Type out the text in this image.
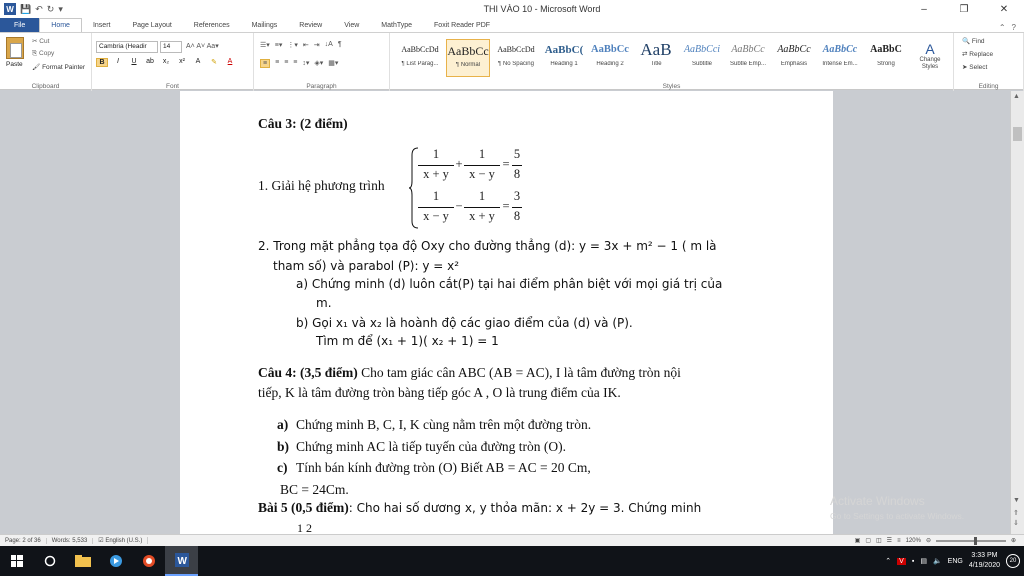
W 💾 ↶ ↻ ▾	THI VÀO 10 - Microsoft Word	–	❐	✕
File	Home	Insert	Page Layout	References	Mailings	Review	View	MathType	Foxit Reader PDF	⌃ ?
Paste
✂ Cut
⎘ Copy
🖌 Format Painter
Clipboard
Cambria (Headir	14	A˄ A˅ Aa▾
B	I	U	ab	x₂	x²	A	✎	A
Font
☰▾ ≡▾ ⋮▾ ⇤ ⇥ ↓A ¶
≡	≡ ≡ ≡ ↕▾ ◈▾ ▦▾
Paragraph
AaBbCcDd
¶ List Parag...
AaBbCc
¶ Normal
AaBbCcDd
¶ No Spacing
AaBbC(
Heading 1
AaBbCc
Heading 2
AaB
Title
AaBbCci
Subtitle
AaBbCc
Subtle Emp...
AaBbCc
Emphasis
AaBbCc
Intense Em...
AaBbC
Strong
A
Change Styles
Styles
🔍 Find
⇄ Replace
➤ Select
Editing
Câu 3: (2 điểm)
1. Giải hệ phương trình
1
x + y
+
1
x − y
=
5
8
1
x − y
−
1
x + y
=
3
8
2. Trong mặt phẳng tọa độ Oxy cho đường thẳng (d): y = 3x + m² − 1 ( m là
tham số) và parabol (P): y = x²
a) Chứng minh (d) luôn cắt(P) tại hai điểm phân biệt với mọi giá trị của
m.
b) Gọi x₁ và x₂ là hoành độ các giao điểm của (d) và (P).
Tìm m để (x₁ + 1)( x₂ + 1) = 1
Câu 4: (3,5 điểm) Cho tam giác cân ABC (AB = AC), I là tâm đường tròn nội
tiếp, K là tâm đường tròn bàng tiếp góc A , O là trung điểm của IK.
a) Chứng minh B, C, I, K cùng nằm trên một đường tròn.
b) Chứng minh AC là tiếp tuyến của đường tròn (O).
c) Tính bán kính đường tròn (O) Biết AB = AC = 20 Cm,
BC = 24Cm.
Bài 5 (0,5 điểm): Cho hai số dương x, y thỏa mãn: x + 2y = 3. Chứng minh
1 2
▲
▼
⇑
⇓
Activate Windows
Go to Settings to activate Windows.
Page: 2 of 36	Words: 5,533	☑ English (U.S.)	▣ ▢ ◫ ☰ ≡ 120% ⊖	⊕
W	⌃ V ▪ ▤ 🔈 ENG
3:33 PM
4/19/2020
20
